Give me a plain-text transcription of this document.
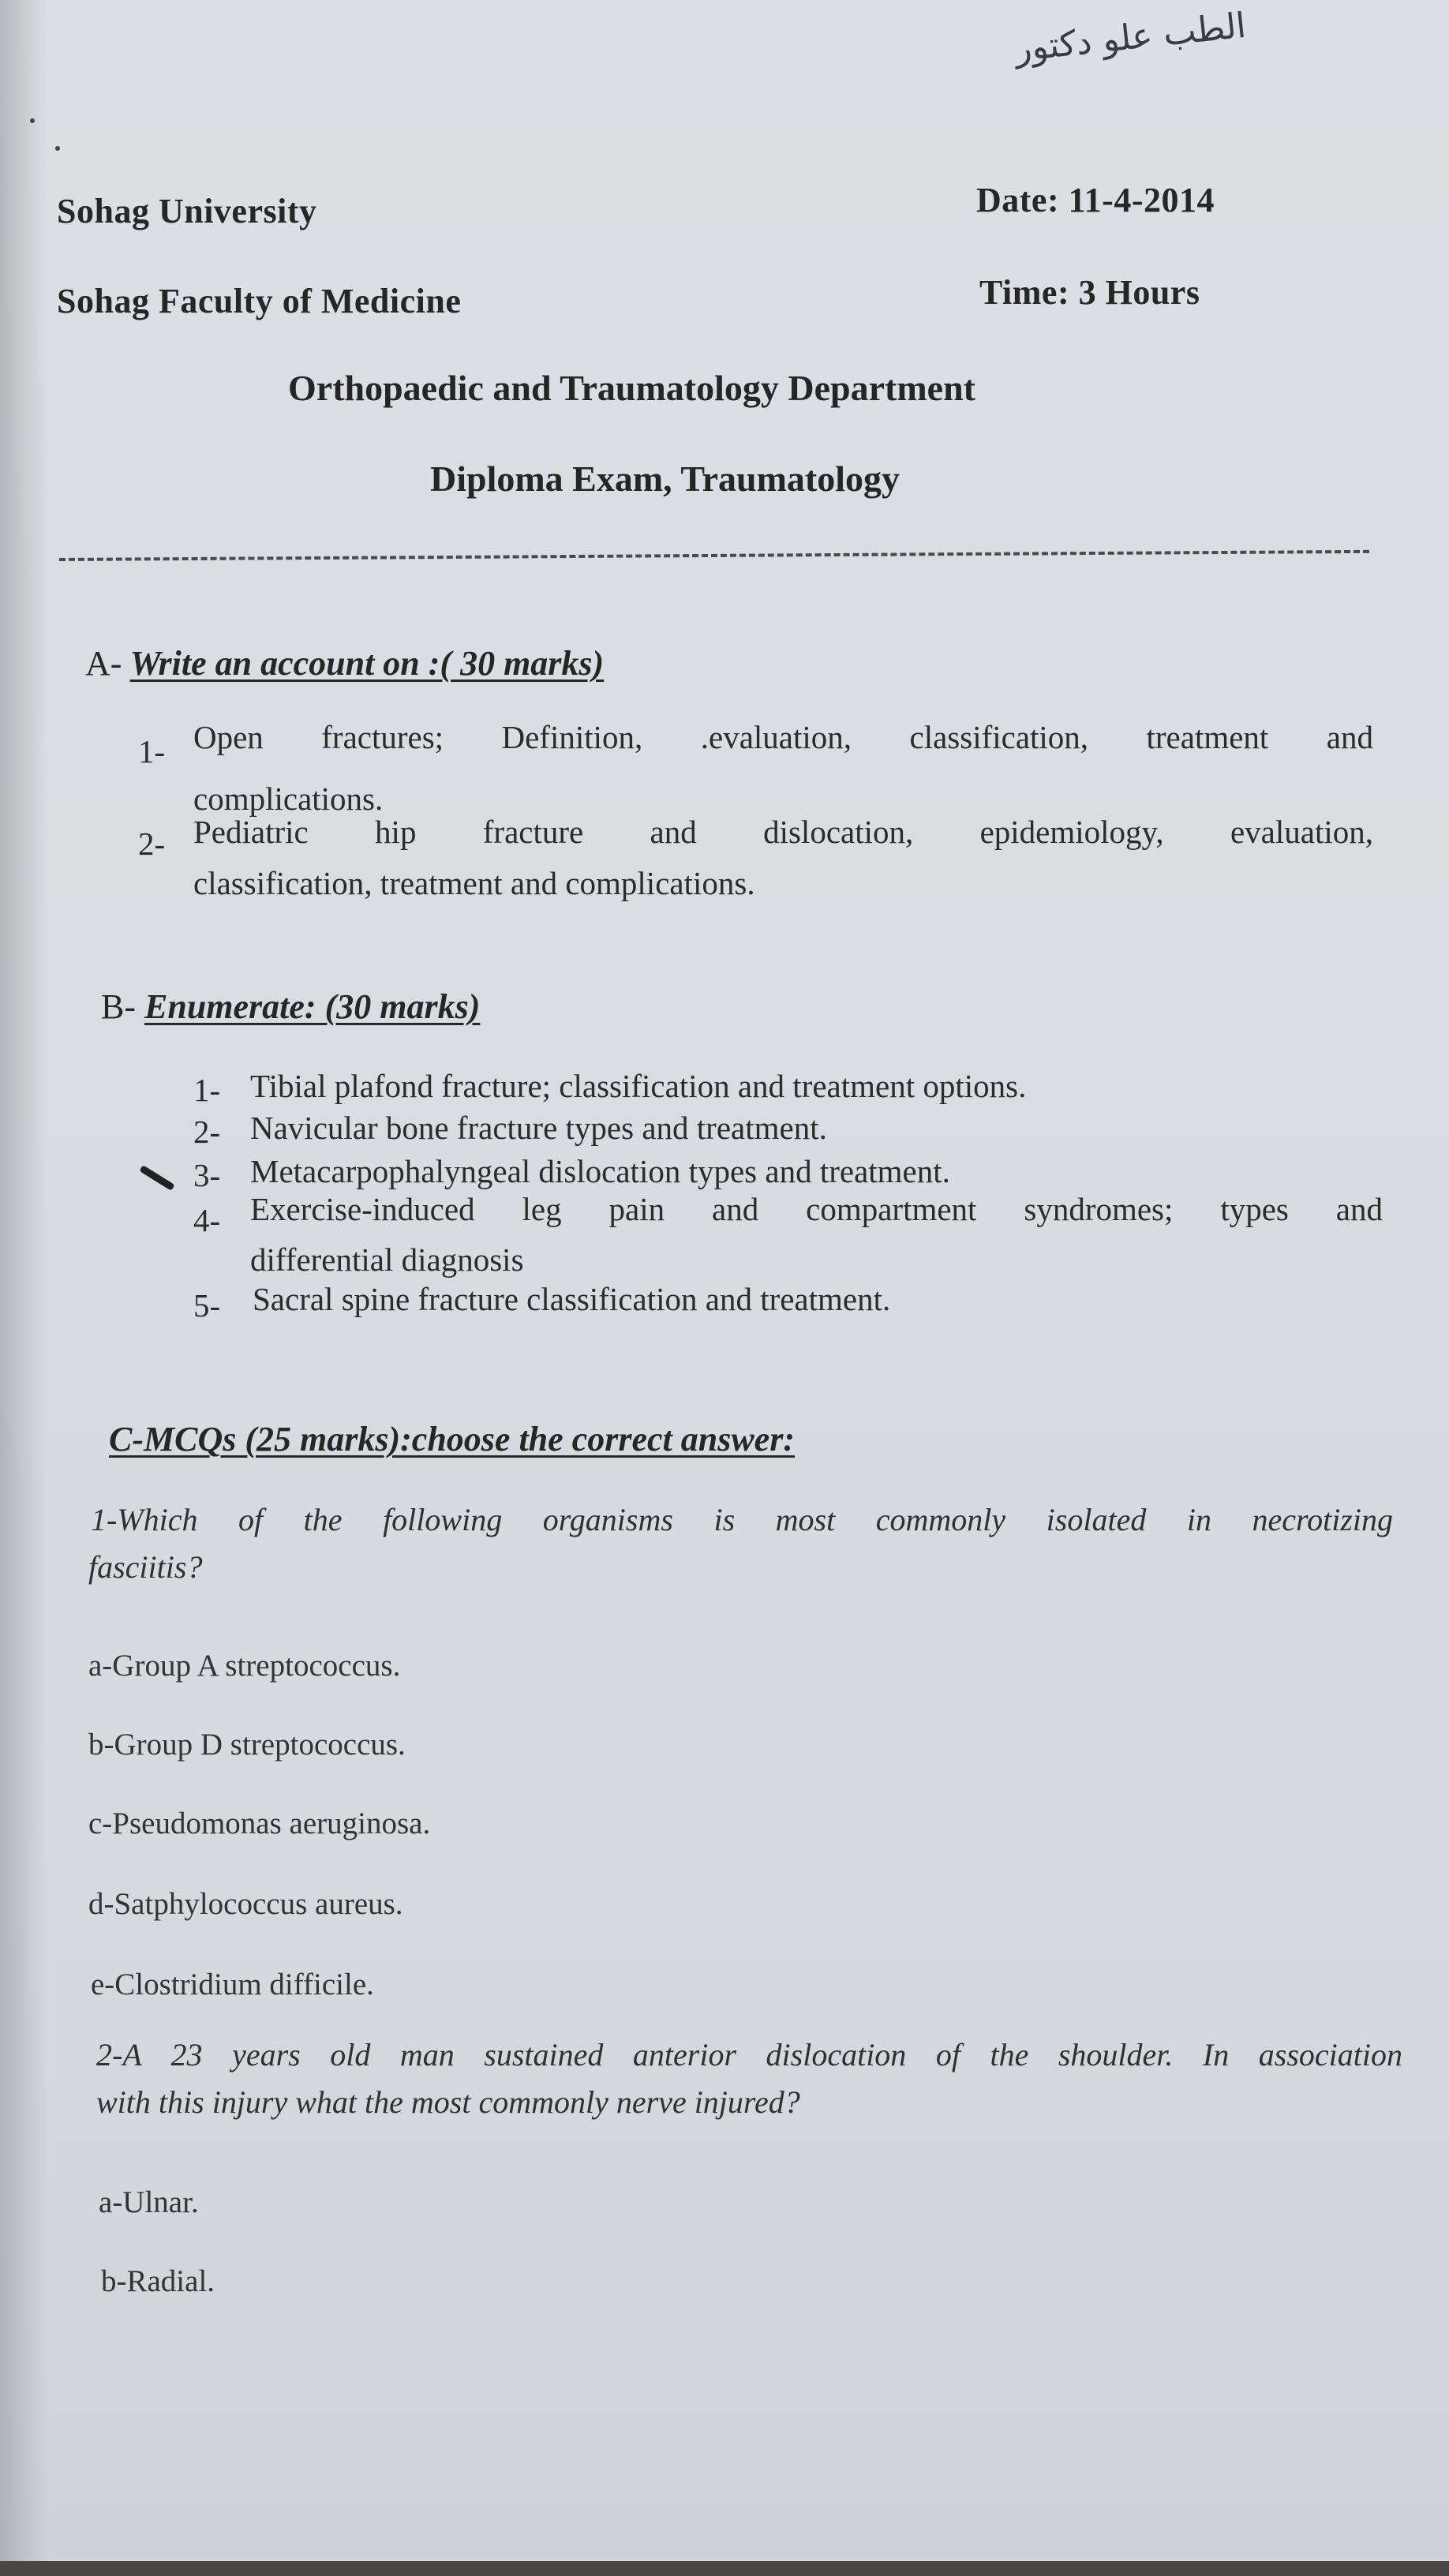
ﺍﻟﻄﺐ ﻋﻠﻮ ﺩﻛﺘﻮﺭ
Sohag University	Date: 11-4-2014
Sohag Faculty of Medicine	Time: 3 Hours
Orthopaedic and Traumatology Department
Diploma Exam, Traumatology
A- Write an account on :( 30 marks)
1- Open fractures; Definition, .evaluation, classification, treatment and
complications.
2- Pediatric hip fracture and dislocation, epidemiology, evaluation,
classification, treatment and complications.
B- Enumerate: (30 marks)
1- Tibial plafond fracture; classification and treatment options.
2- Navicular bone fracture types and treatment.
3- Metacarpophalyngeal dislocation types and treatment.
4- Exercise-induced leg pain and compartment syndromes; types and
differential diagnosis
5- Sacral spine fracture classification and treatment.
C-MCQs (25 marks):choose the correct answer:
1-Which of the following organisms is most commonly isolated in necrotizing
fasciitis?
a-Group A streptococcus.
b-Group D streptococcus.
c-Pseudomonas aeruginosa.
d-Satphylococcus aureus.
e-Clostridium difficile.
2-A 23 years old man sustained anterior dislocation of the shoulder. In association
with this injury what the most commonly nerve injured?
a-Ulnar.
b-Radial.
